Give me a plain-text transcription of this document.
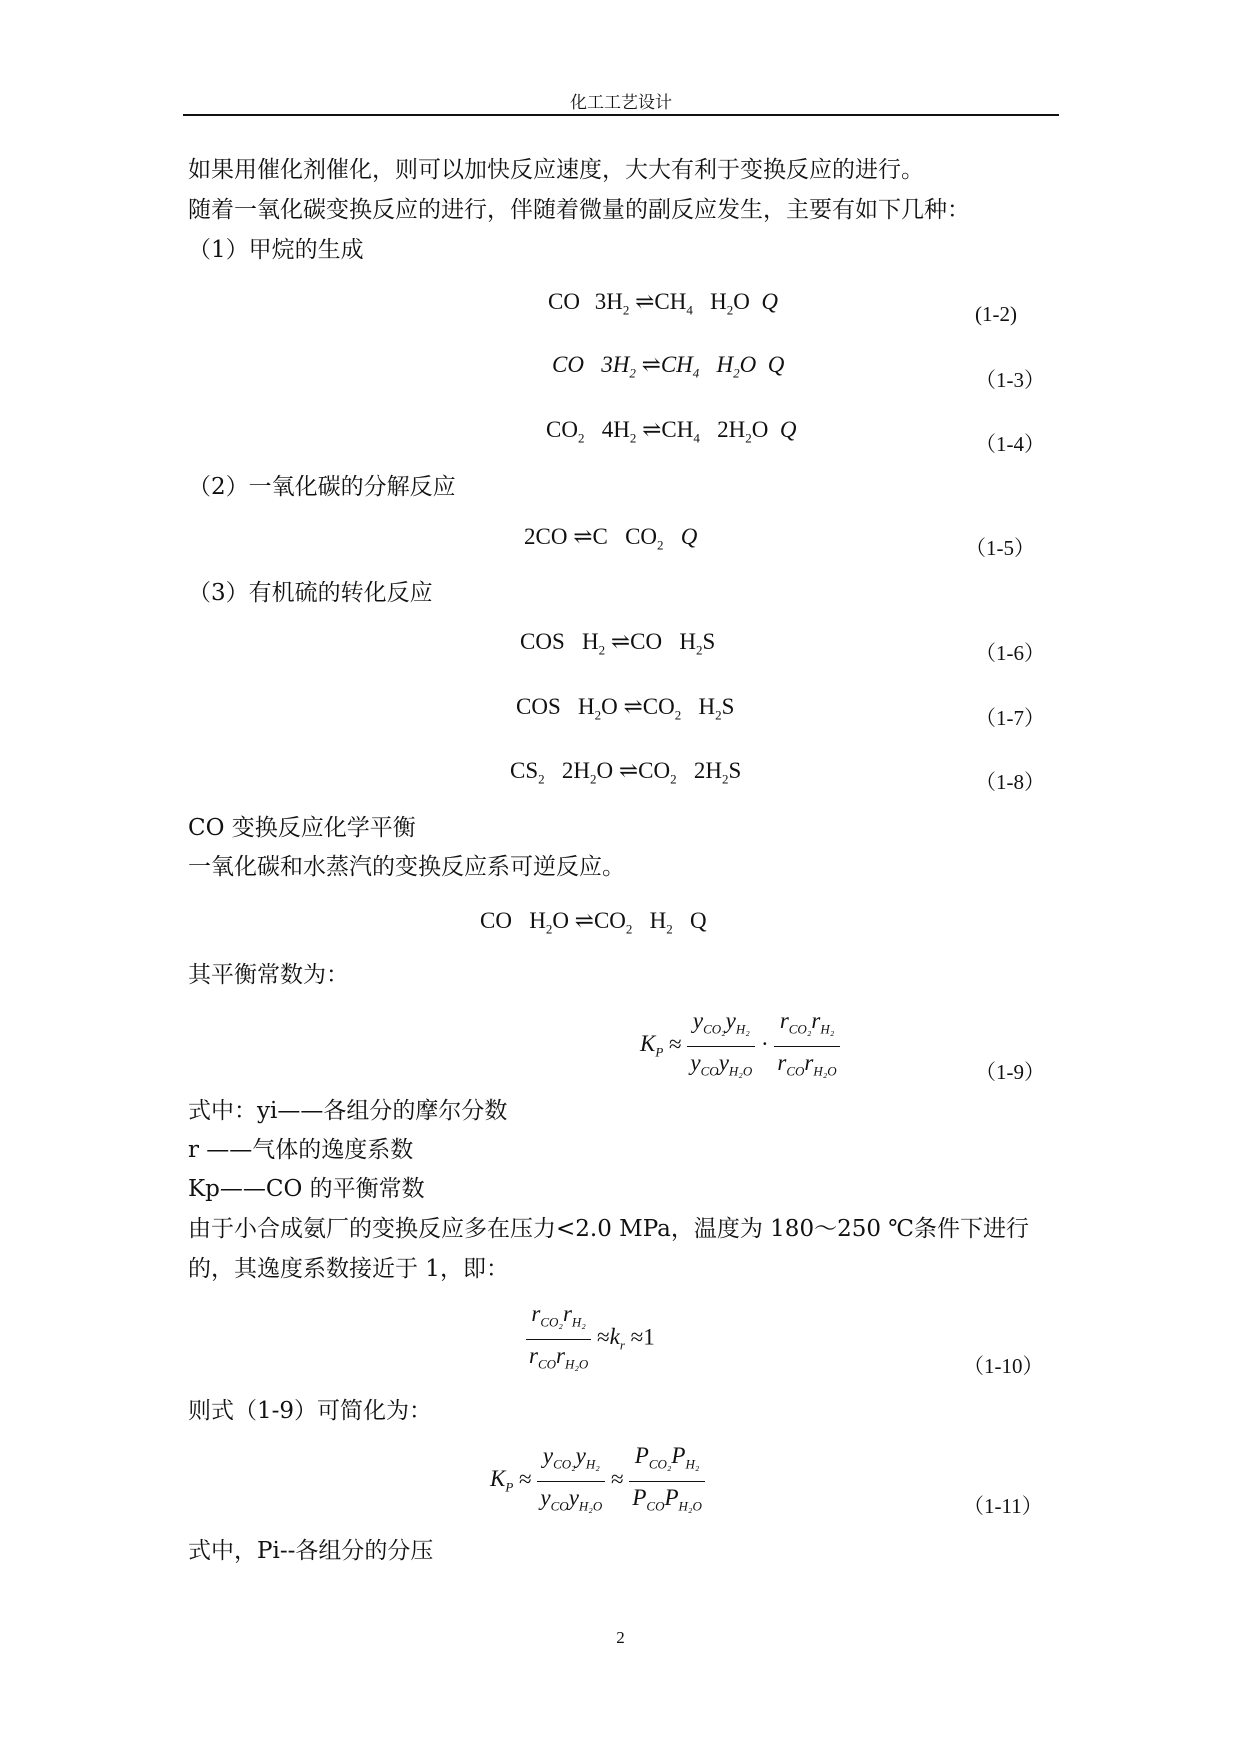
化工工艺设计
如果用催化剂催化，则可以加快反应速度，大大有利于变换反应的进行。
随着一氧化碳变换反应的进行，伴随着微量的副反应发生，主要有如下几种：
（1）甲烷的生成
CO   $3H_2$ $\rightleftharpoons CH_4$   $H_2O$  Q	(1-2)
CO   $3H_2$ $\rightleftharpoons CH_4$   $H_2O$  Q
（1-3）
$CO_2$   $4H_2$ $\rightleftharpoons CH_4$   $2H_2O$  Q
（1-4）
（2）一氧化碳的分解反应
2CO ⇌C   $CO_2$ Q	（1-5）
（3）有机硫的转化反应
COS   $H_2$ ⇌CO   $H_2S$	（1-6）
COS   $H_2O$ $\rightleftharpoons CO_2$   $H_2S$	（1-7）
$CS_2$   $2H_2O$ $\rightleftharpoons CO_2$   $2H_2S$	（1-8）
CO 变换反应化学平衡
一氧化碳和水蒸汽的变换反应系可逆反应。
CO   $H_2O$ $\rightleftharpoons CO_2$   $H_2$   Q
其平衡常数为：
$K_P \approx \frac{y_{CO_2}y_{H_2}}{y_{CO}y_{H_2O}} \cdot \frac{r_{CO_2}r_{H_2}}{r_{CO}r_{H_2O}}$	（1-9）
式中：yi——各组分的摩尔分数
r ——气体的逸度系数
Kp——CO 的平衡常数
由于小合成氨厂的变换反应多在压力<2.0 MPa，温度为 180～250 ℃条件下进行
的，其逸度系数接近于 1，即：
$\frac{r_{CO_2}r_{H_2}}{r_{CO}r_{H_2O}} \approx k_r \approx 1$
（1-10）
则式（1-9）可简化为：
$K_P \approx \frac{y_{CO_2}y_{H_2}}{y_{CO}y_{H_2O}} \approx \frac{P_{CO_2}P_{H_2}}{P_{CO}P_{H_2O}}$	（1-11）
式中，Pi--各组分的分压
2
